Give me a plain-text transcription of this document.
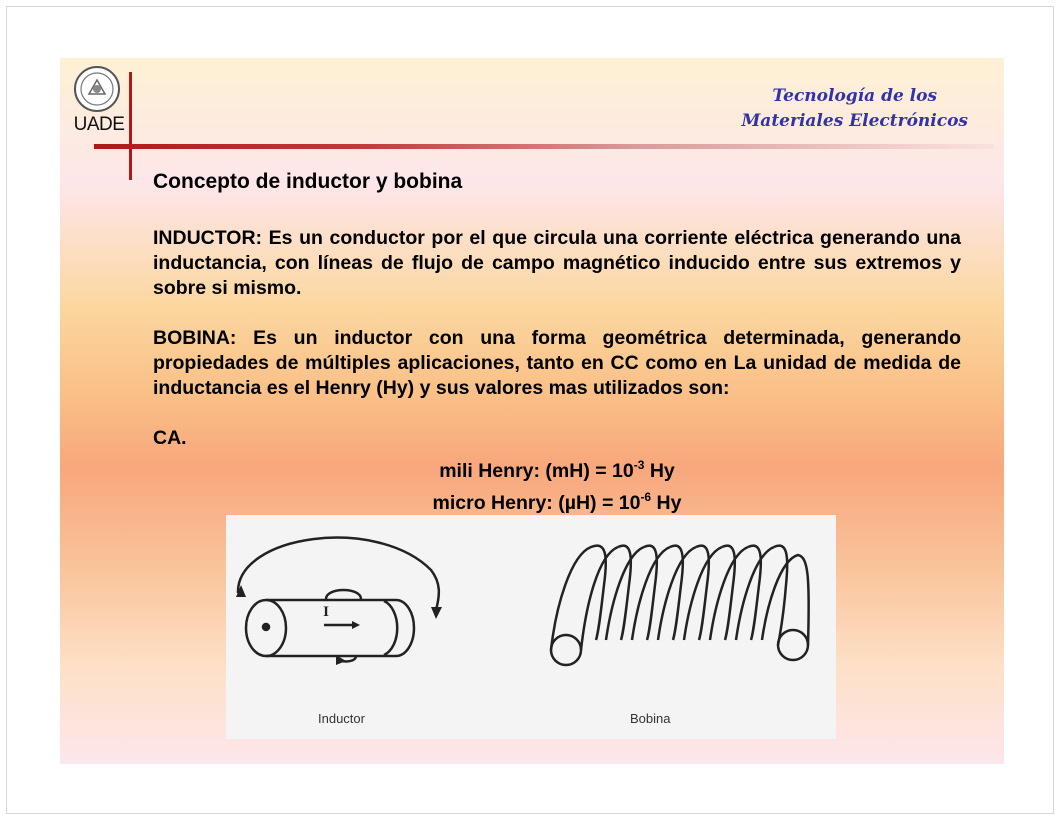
UADE
Tecnología de los
Materiales Electrónicos
Concepto de inductor y bobina
INDUCTOR: Es un conductor por el que circula una corriente eléctrica generando una inductancia, con líneas de flujo de campo magnético inducido entre sus extremos y sobre si mismo.
BOBINA: Es un inductor con una forma geométrica determinada, generando propiedades de múltiples aplicaciones, tanto en CC como en La unidad de medida de inductancia es el Henry (Hy) y sus valores mas utilizados son:
CA.
mili Henry: $(mH) = 10^{-3}$ Hy
micro Henry: $(\mu H) = 10^{-6}$ Hy
I
Inductor	Bobina
